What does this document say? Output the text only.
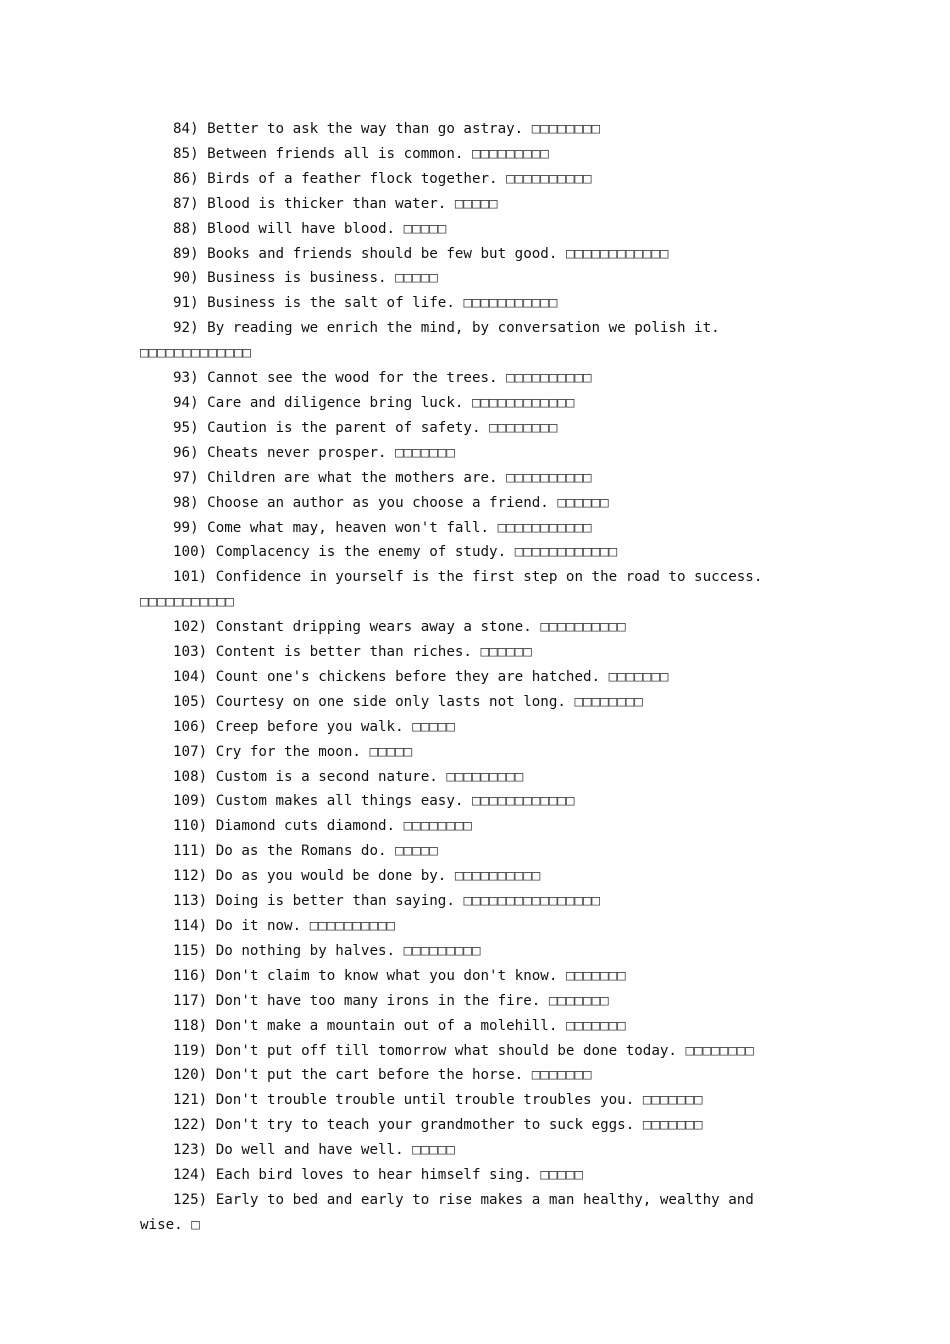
84) Better to ask the way than go astray. □□□□□□□□
85) Between friends all is common. □□□□□□□□□
86) Birds of a feather flock together. □□□□□□□□□□
87) Blood is thicker than water. □□□□□
88) Blood will have blood. □□□□□
89) Books and friends should be few but good. □□□□□□□□□□□□
90) Business is business. □□□□□
91) Business is the salt of life. □□□□□□□□□□□
92) By reading we enrich the mind, by conversation we polish it. □□□□□□□□□□□□□
93) Cannot see the wood for the trees. □□□□□□□□□□
94) Care and diligence bring luck. □□□□□□□□□□□□
95) Caution is the parent of safety. □□□□□□□□
96) Cheats never prosper. □□□□□□□
97) Children are what the mothers are. □□□□□□□□□□
98) Choose an author as you choose a friend. □□□□□□
99) Come what may, heaven won't fall. □□□□□□□□□□□
100) Complacency is the enemy of study. □□□□□□□□□□□□
101) Confidence in yourself is the first step on the road to success. □□□□□□□□□□□
102) Constant dripping wears away a stone. □□□□□□□□□□
103) Content is better than riches. □□□□□□
104) Count one's chickens before they are hatched. □□□□□□□
105) Courtesy on one side only lasts not long. □□□□□□□□
106) Creep before you walk. □□□□□
107) Cry for the moon. □□□□□
108) Custom is a second nature. □□□□□□□□□
109) Custom makes all things easy. □□□□□□□□□□□□
110) Diamond cuts diamond. □□□□□□□□
111) Do as the Romans do. □□□□□
112) Do as you would be done by. □□□□□□□□□□
113) Doing is better than saying. □□□□□□□□□□□□□□□□
114) Do it now. □□□□□□□□□□
115) Do nothing by halves. □□□□□□□□□
116) Don't claim to know what you don't know. □□□□□□□
117) Don't have too many irons in the fire. □□□□□□□
118) Don't make a mountain out of a molehill. □□□□□□□
119) Don't put off till tomorrow what should be done today. □□□□□□□□
120) Don't put the cart before the horse. □□□□□□□
121) Don't trouble trouble until trouble troubles you. □□□□□□□
122) Don't try to teach your grandmother to suck eggs. □□□□□□□
123) Do well and have well. □□□□□
124) Each bird loves to hear himself sing. □□□□□
125) Early to bed and early to rise makes a man healthy, wealthy and wise. □
